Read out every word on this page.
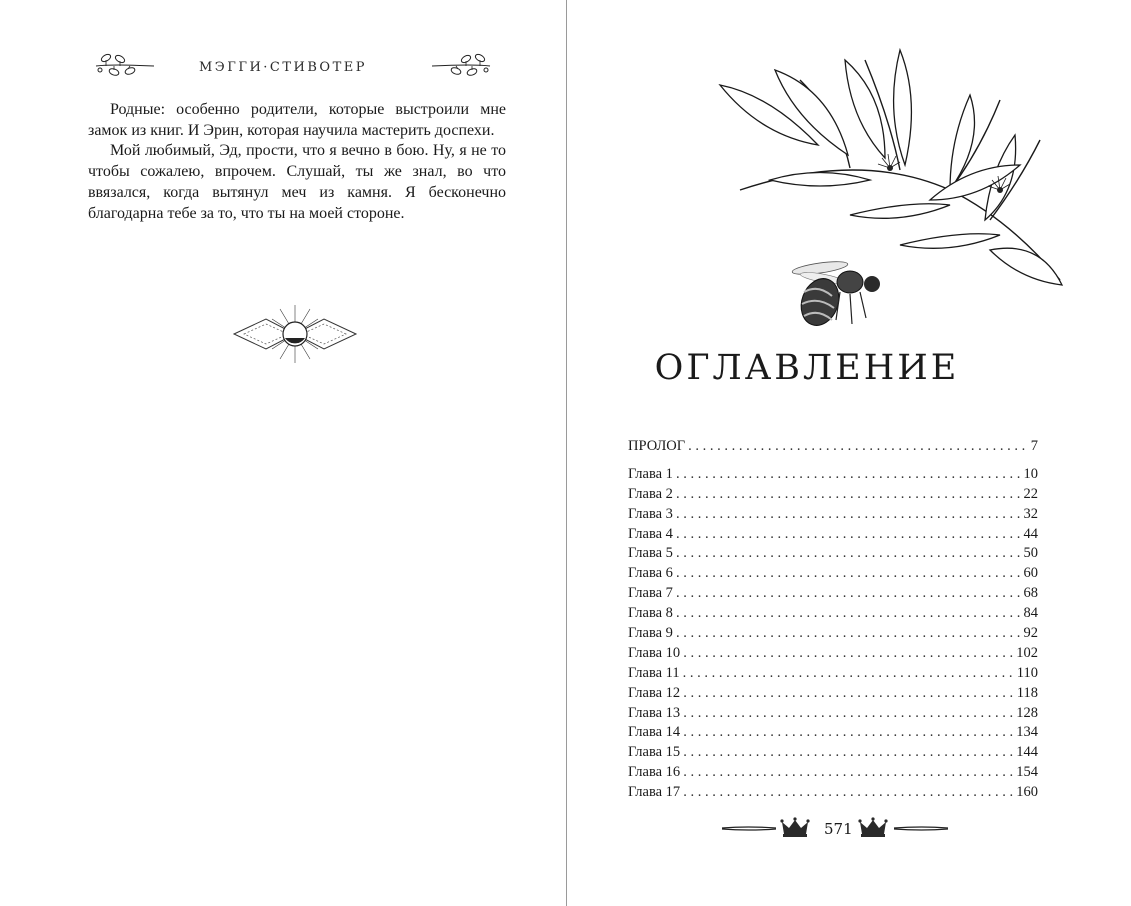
МЭГГИ·СТИВОТЕР

Родные: особенно родители, которые выстроили мне замок из книг. И Эрин, которая научила мастерить доспехи.

Мой любимый, Эд, прости, что я вечно в бою. Ну, я не то чтобы сожалею, впрочем. Слушай, ты же знал, во что ввязался, когда вытянул меч из камня. Я бесконечно благодарна тебе за то, что ты на моей стороне.

ОГЛАВЛЕНИЕ
ПРОЛОГ . . .	7
Глава 1 . . .	10
Глава 2 . . .	22
Глава 3 . . .	32
Глава 4 . . .	44
Глава 5 . . .	50
Глава 6 . . .	60
Глава 7 . . .	68
Глава 8 . . .	84
Глава 9 . . .	92
Глава 10 . . .	102
Глава 11 . . .	110
Глава 12 . . .	118
Глава 13 . . .	128
Глава 14 . . .	134
Глава 15 . . .	144
Глава 16 . . .	154
Глава 17 . . .	160
571
